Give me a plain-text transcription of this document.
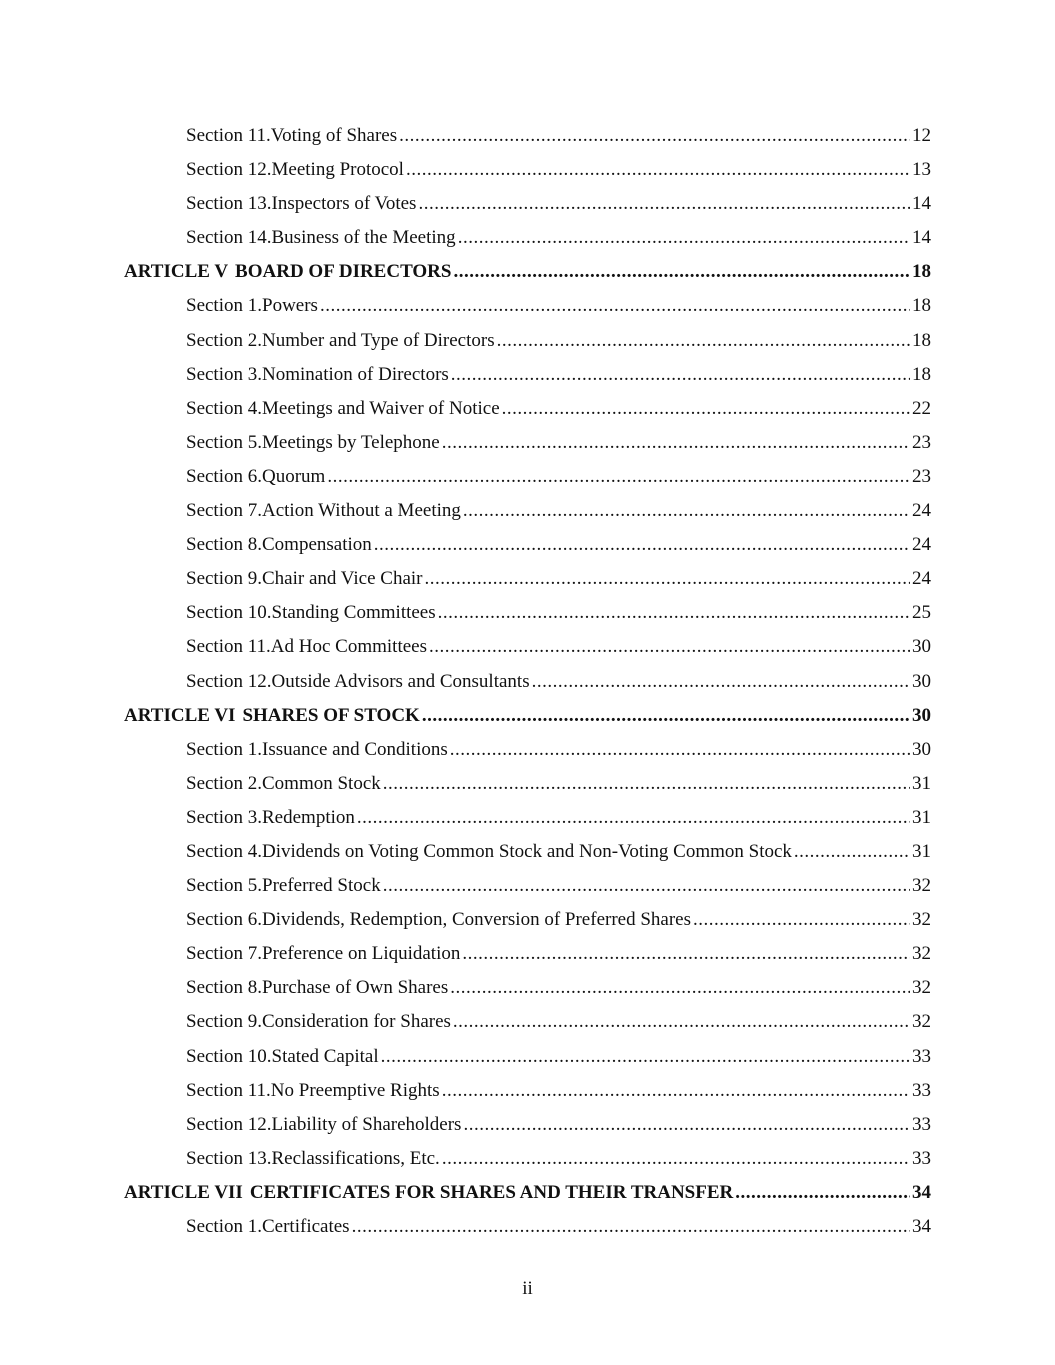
Section 11. Voting of Shares .....	12
Section 12. Meeting Protocol .....	13
Section 13. Inspectors of Votes .....	14
Section 14. Business of the Meeting .....	14
ARTICLE V BOARD OF DIRECTORS .....	18
Section 1. Powers .....	18
Section 2. Number and Type of Directors .....	18
Section 3. Nomination of Directors .....	18
Section 4. Meetings and Waiver of Notice .....	22
Section 5. Meetings by Telephone .....	23
Section 6. Quorum .....	23
Section 7. Action Without a Meeting .....	24
Section 8. Compensation .....	24
Section 9. Chair and Vice Chair .....	24
Section 10. Standing Committees .....	25
Section 11. Ad Hoc Committees .....	30
Section 12. Outside Advisors and Consultants .....	30
ARTICLE VI SHARES OF STOCK .....	30
Section 1. Issuance and Conditions .....	30
Section 2. Common Stock .....	31
Section 3. Redemption .....	31
Section 4. Dividends on Voting Common Stock and Non-Voting Common Stock .....	31
Section 5. Preferred Stock .....	32
Section 6. Dividends, Redemption, Conversion of Preferred Shares .....	32
Section 7. Preference on Liquidation .....	32
Section 8. Purchase of Own Shares .....	32
Section 9. Consideration for Shares .....	32
Section 10. Stated Capital .....	33
Section 11. No Preemptive Rights .....	33
Section 12. Liability of Shareholders .....	33
Section 13. Reclassifications, Etc. .....	33
ARTICLE VII CERTIFICATES FOR SHARES AND THEIR TRANSFER .....	34
Section 1. Certificates .....	34
ii
